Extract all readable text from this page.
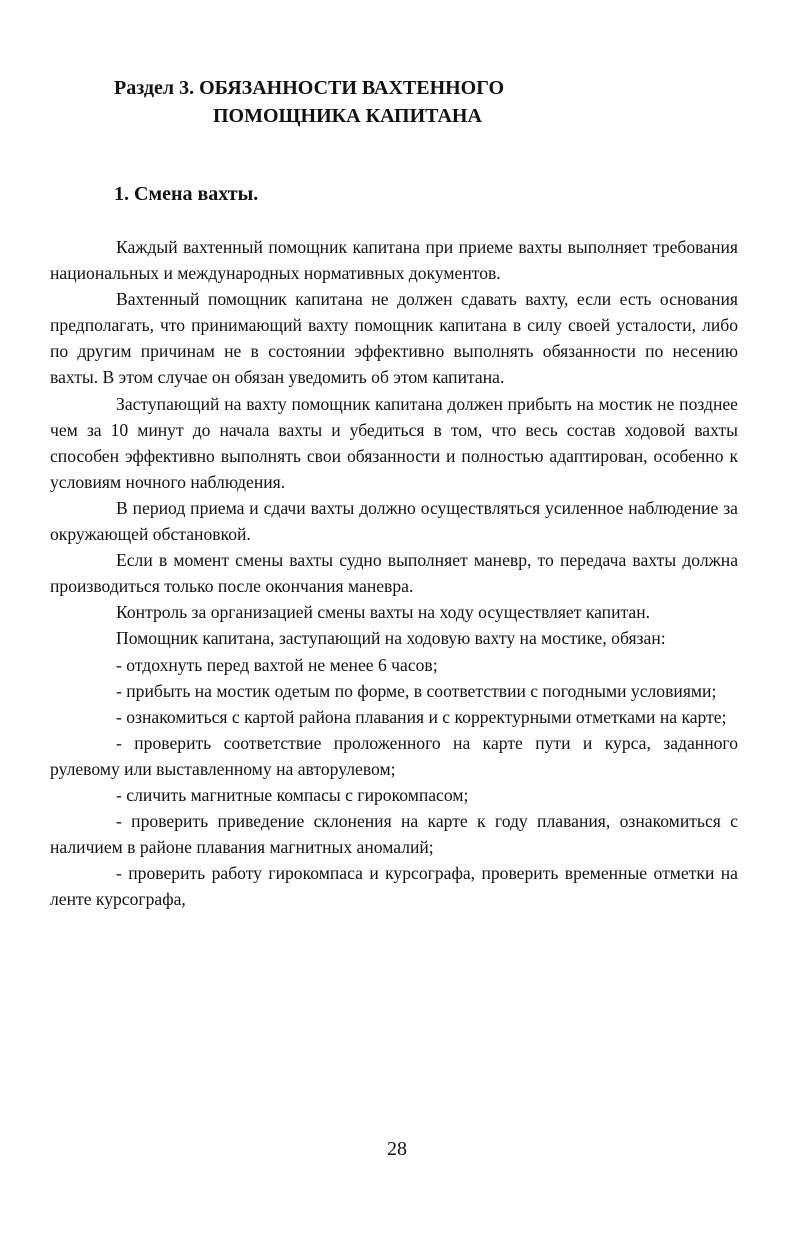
Раздел 3. ОБЯЗАННОСТИ ВАХТЕННОГО
ПОМОЩНИКА КАПИТАНА
1. Смена вахты.

Каждый вахтенный помощник капитана при приеме вахты выполняет требования национальных и международных нормативных документов.

Вахтенный помощник капитана не должен сдавать вахту, если есть основания предполагать, что принимающий вахту помощник капитана в силу своей усталости, либо по другим причинам не в состоянии эффективно выполнять обязанности по несению вахты. В этом случае он обязан уведомить об этом капитана.

Заступающий на вахту помощник капитана должен прибыть на мостик не позднее чем за 10 минут до начала вахты и убедиться в том, что весь состав ходовой вахты способен эффективно выполнять свои обязанности и полностью адаптирован, особенно к условиям ночного наблюдения.

В период приема и сдачи вахты должно осуществляться усиленное наблюдение за окружающей обстановкой.

Если в момент смены вахты судно выполняет маневр, то передача вахты должна производиться только после окончания маневра.

Контроль за организацией смены вахты на ходу осуществляет капитан.

Помощник капитана, заступающий на ходовую вахту на мостике, обязан:

- отдохнуть перед вахтой не менее 6 часов;

- прибыть на мостик одетым по форме, в соответствии с погодными условиями;

- ознакомиться с картой района плавания и с корректурными отметками на карте;

- проверить соответствие проложенного на карте пути и курса, заданного рулевому или выставленному на авторулевом;

- сличить магнитные компасы с гирокомпасом;

- проверить приведение склонения на карте к году плавания, ознакомиться с наличием в районе плавания магнитных аномалий;

- проверить работу гирокомпаса и курсографа, проверить временные отметки на ленте курсографа,

28
